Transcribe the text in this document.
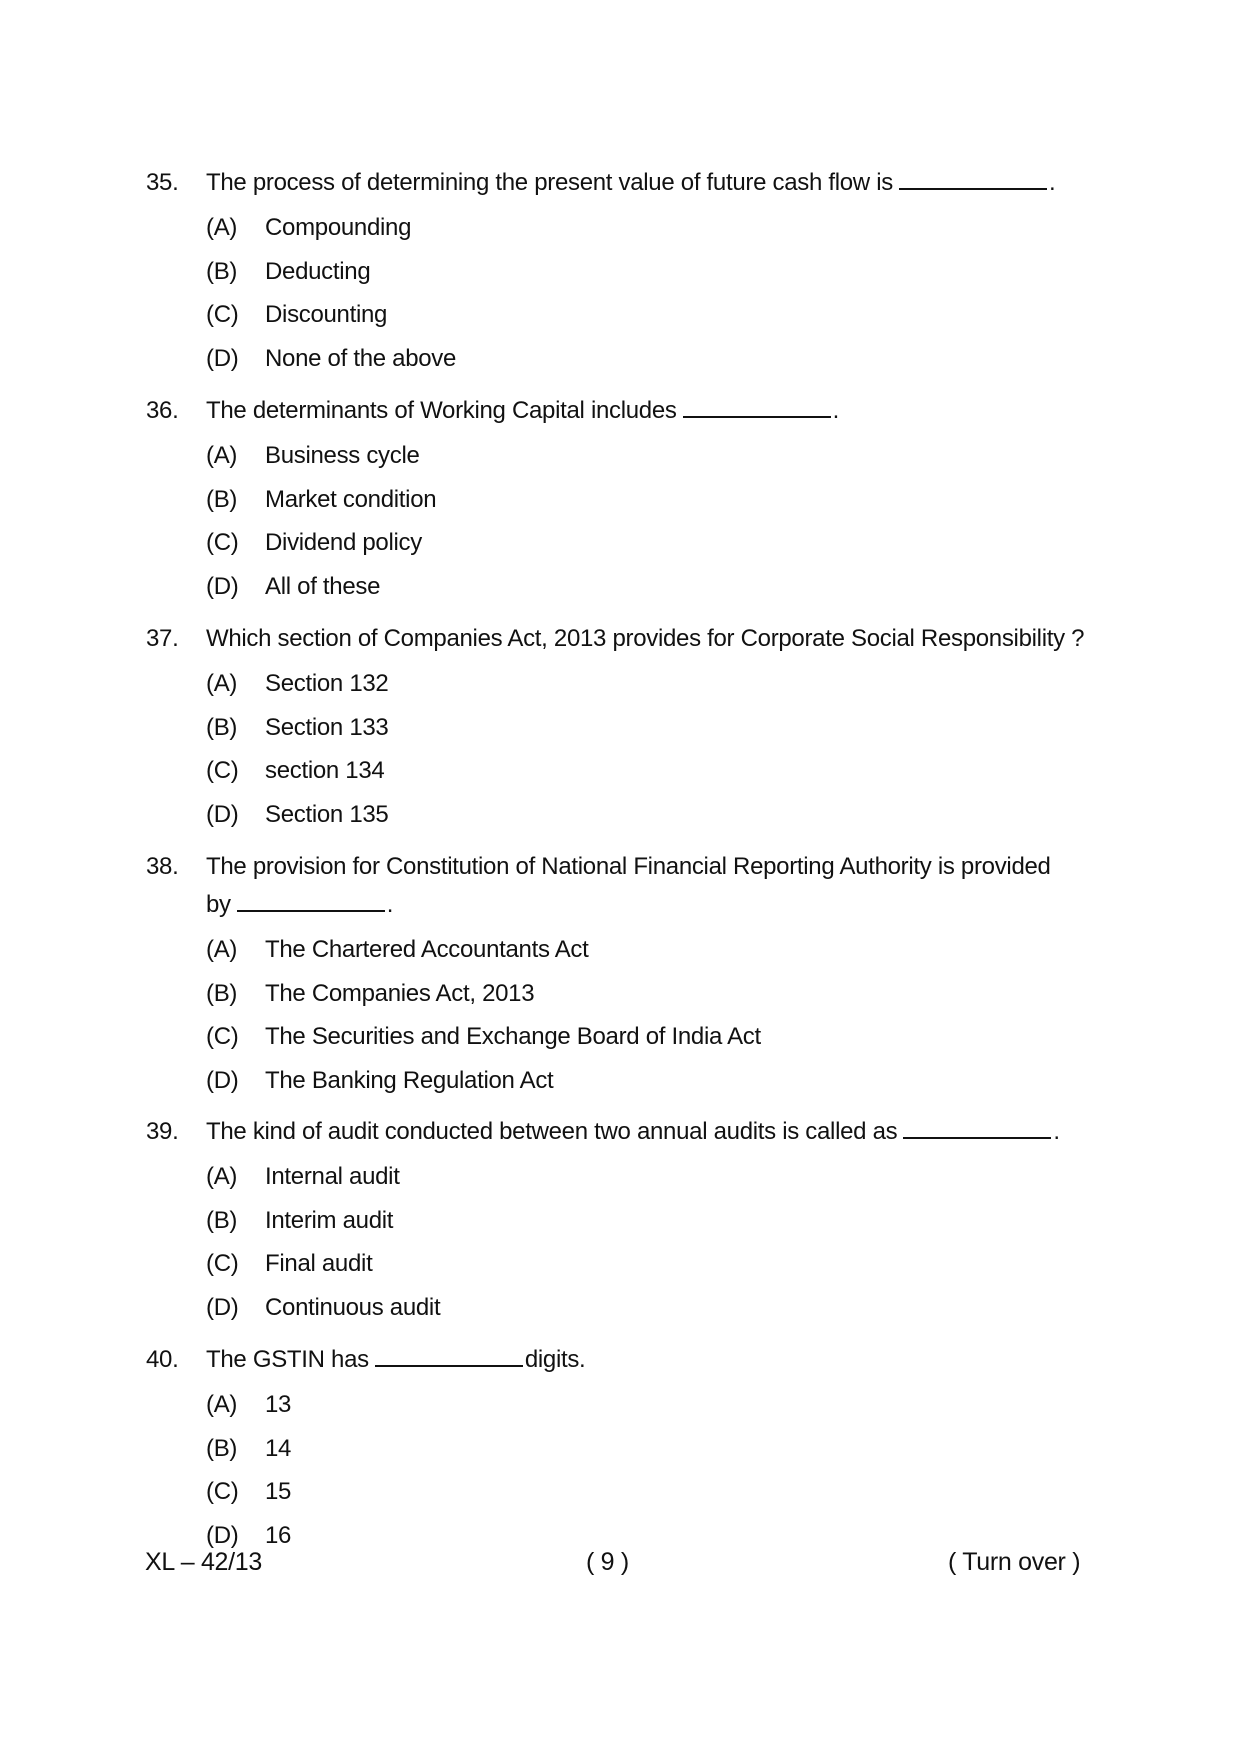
35. The process of determining the present value of future cash flow is	.
(A) Compounding
(B) Deducting
(C) Discounting
(D) None of the above
36. The determinants of Working Capital includes	.
(A) Business cycle
(B) Market condition
(C) Dividend policy
(D) All of these
37. Which section of Companies Act, 2013 provides for Corporate Social Responsibility ?
(A) Section 132
(B) Section 133
(C) section 134
(D) Section 135
38. The provision for Constitution of National Financial Reporting Authority is provided
by	.
(A) The Chartered Accountants Act
(B) The Companies Act, 2013
(C) The Securities and Exchange Board of India Act
(D) The Banking Regulation Act
39. The kind of audit conducted between two annual audits is called as	.
(A) Internal audit
(B) Interim audit
(C) Final audit
(D) Continuous audit
40. The GSTIN has	digits.
(A) 13
(B) 14
(C) 15
(D) 16
XL – 42/13	( 9 )	( Turn over )
